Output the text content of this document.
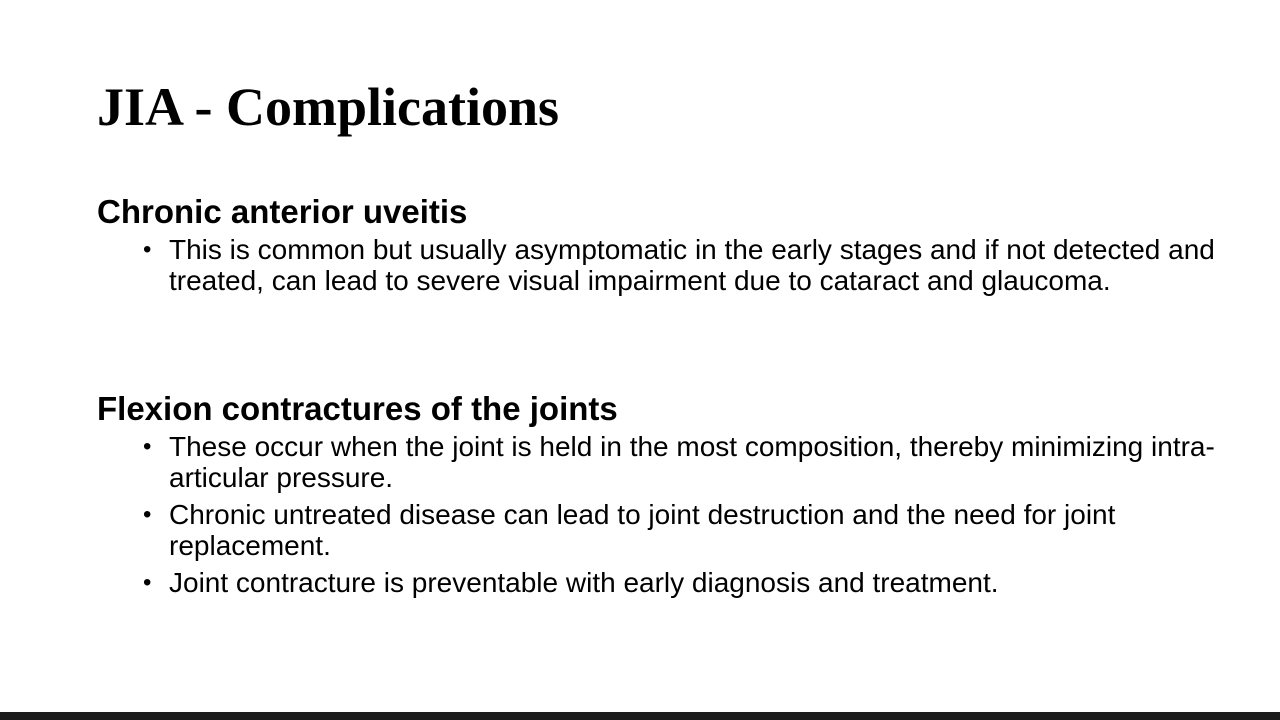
JIA - Complications
Chronic anterior uveitis
• This is common but usually asymptomatic in the early stages and if not detected and treated, can lead to severe visual impairment due to cataract and glaucoma.
Flexion contractures of the joints
• These occur when the joint is held in the most composition, thereby minimizing intra-articular pressure.
• Chronic untreated disease can lead to joint destruction and the need for joint replacement.
• Joint contracture is preventable with early diagnosis and treatment.
